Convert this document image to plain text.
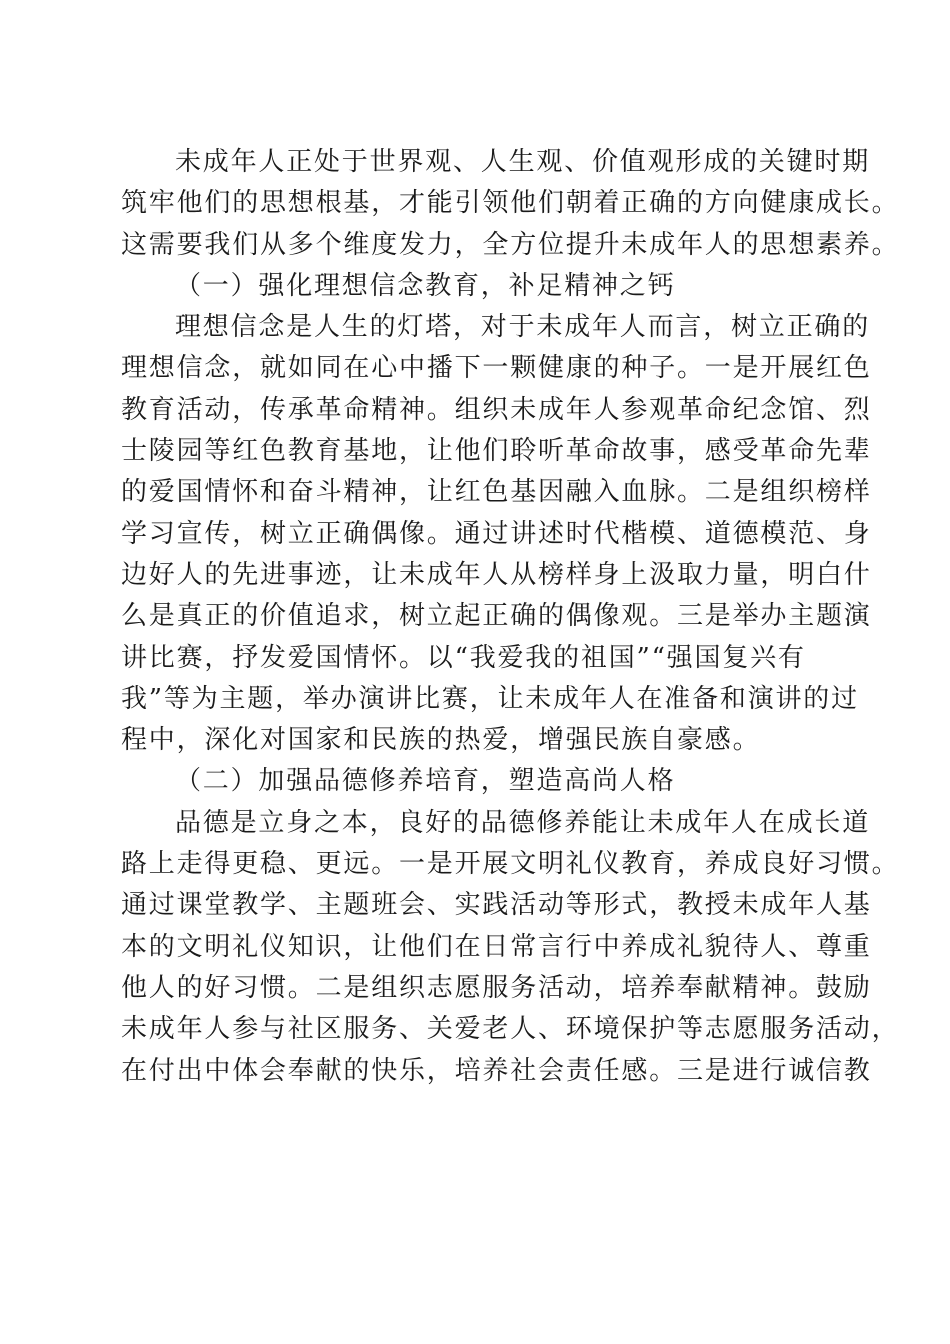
未成年人正处于世界观、人生观、价值观形成的关键时期
筑牢他们的思想根基，才能引领他们朝着正确的方向健康成长。
这需要我们从多个维度发力，全方位提升未成年人的思想素养。
（一）强化理想信念教育，补足精神之钙
理想信念是人生的灯塔，对于未成年人而言，树立正确的
理想信念，就如同在心中播下一颗健康的种子。一是开展红色
教育活动，传承革命精神。组织未成年人参观革命纪念馆、烈
士陵园等红色教育基地，让他们聆听革命故事，感受革命先辈
的爱国情怀和奋斗精神，让红色基因融入血脉。二是组织榜样
学习宣传，树立正确偶像。通过讲述时代楷模、道德模范、身
边好人的先进事迹，让未成年人从榜样身上汲取力量，明白什
么是真正的价值追求，树立起正确的偶像观。三是举办主题演
讲比赛，抒发爱国情怀。以“我爱我的祖国”“强国复兴有
我”等为主题，举办演讲比赛，让未成年人在准备和演讲的过
程中，深化对国家和民族的热爱，增强民族自豪感。
（二）加强品德修养培育，塑造高尚人格
品德是立身之本，良好的品德修养能让未成年人在成长道
路上走得更稳、更远。一是开展文明礼仪教育，养成良好习惯。
通过课堂教学、主题班会、实践活动等形式，教授未成年人基
本的文明礼仪知识，让他们在日常言行中养成礼貌待人、尊重
他人的好习惯。二是组织志愿服务活动，培养奉献精神。鼓励
未成年人参与社区服务、关爱老人、环境保护等志愿服务活动，
在付出中体会奉献的快乐，培养社会责任感。三是进行诚信教
